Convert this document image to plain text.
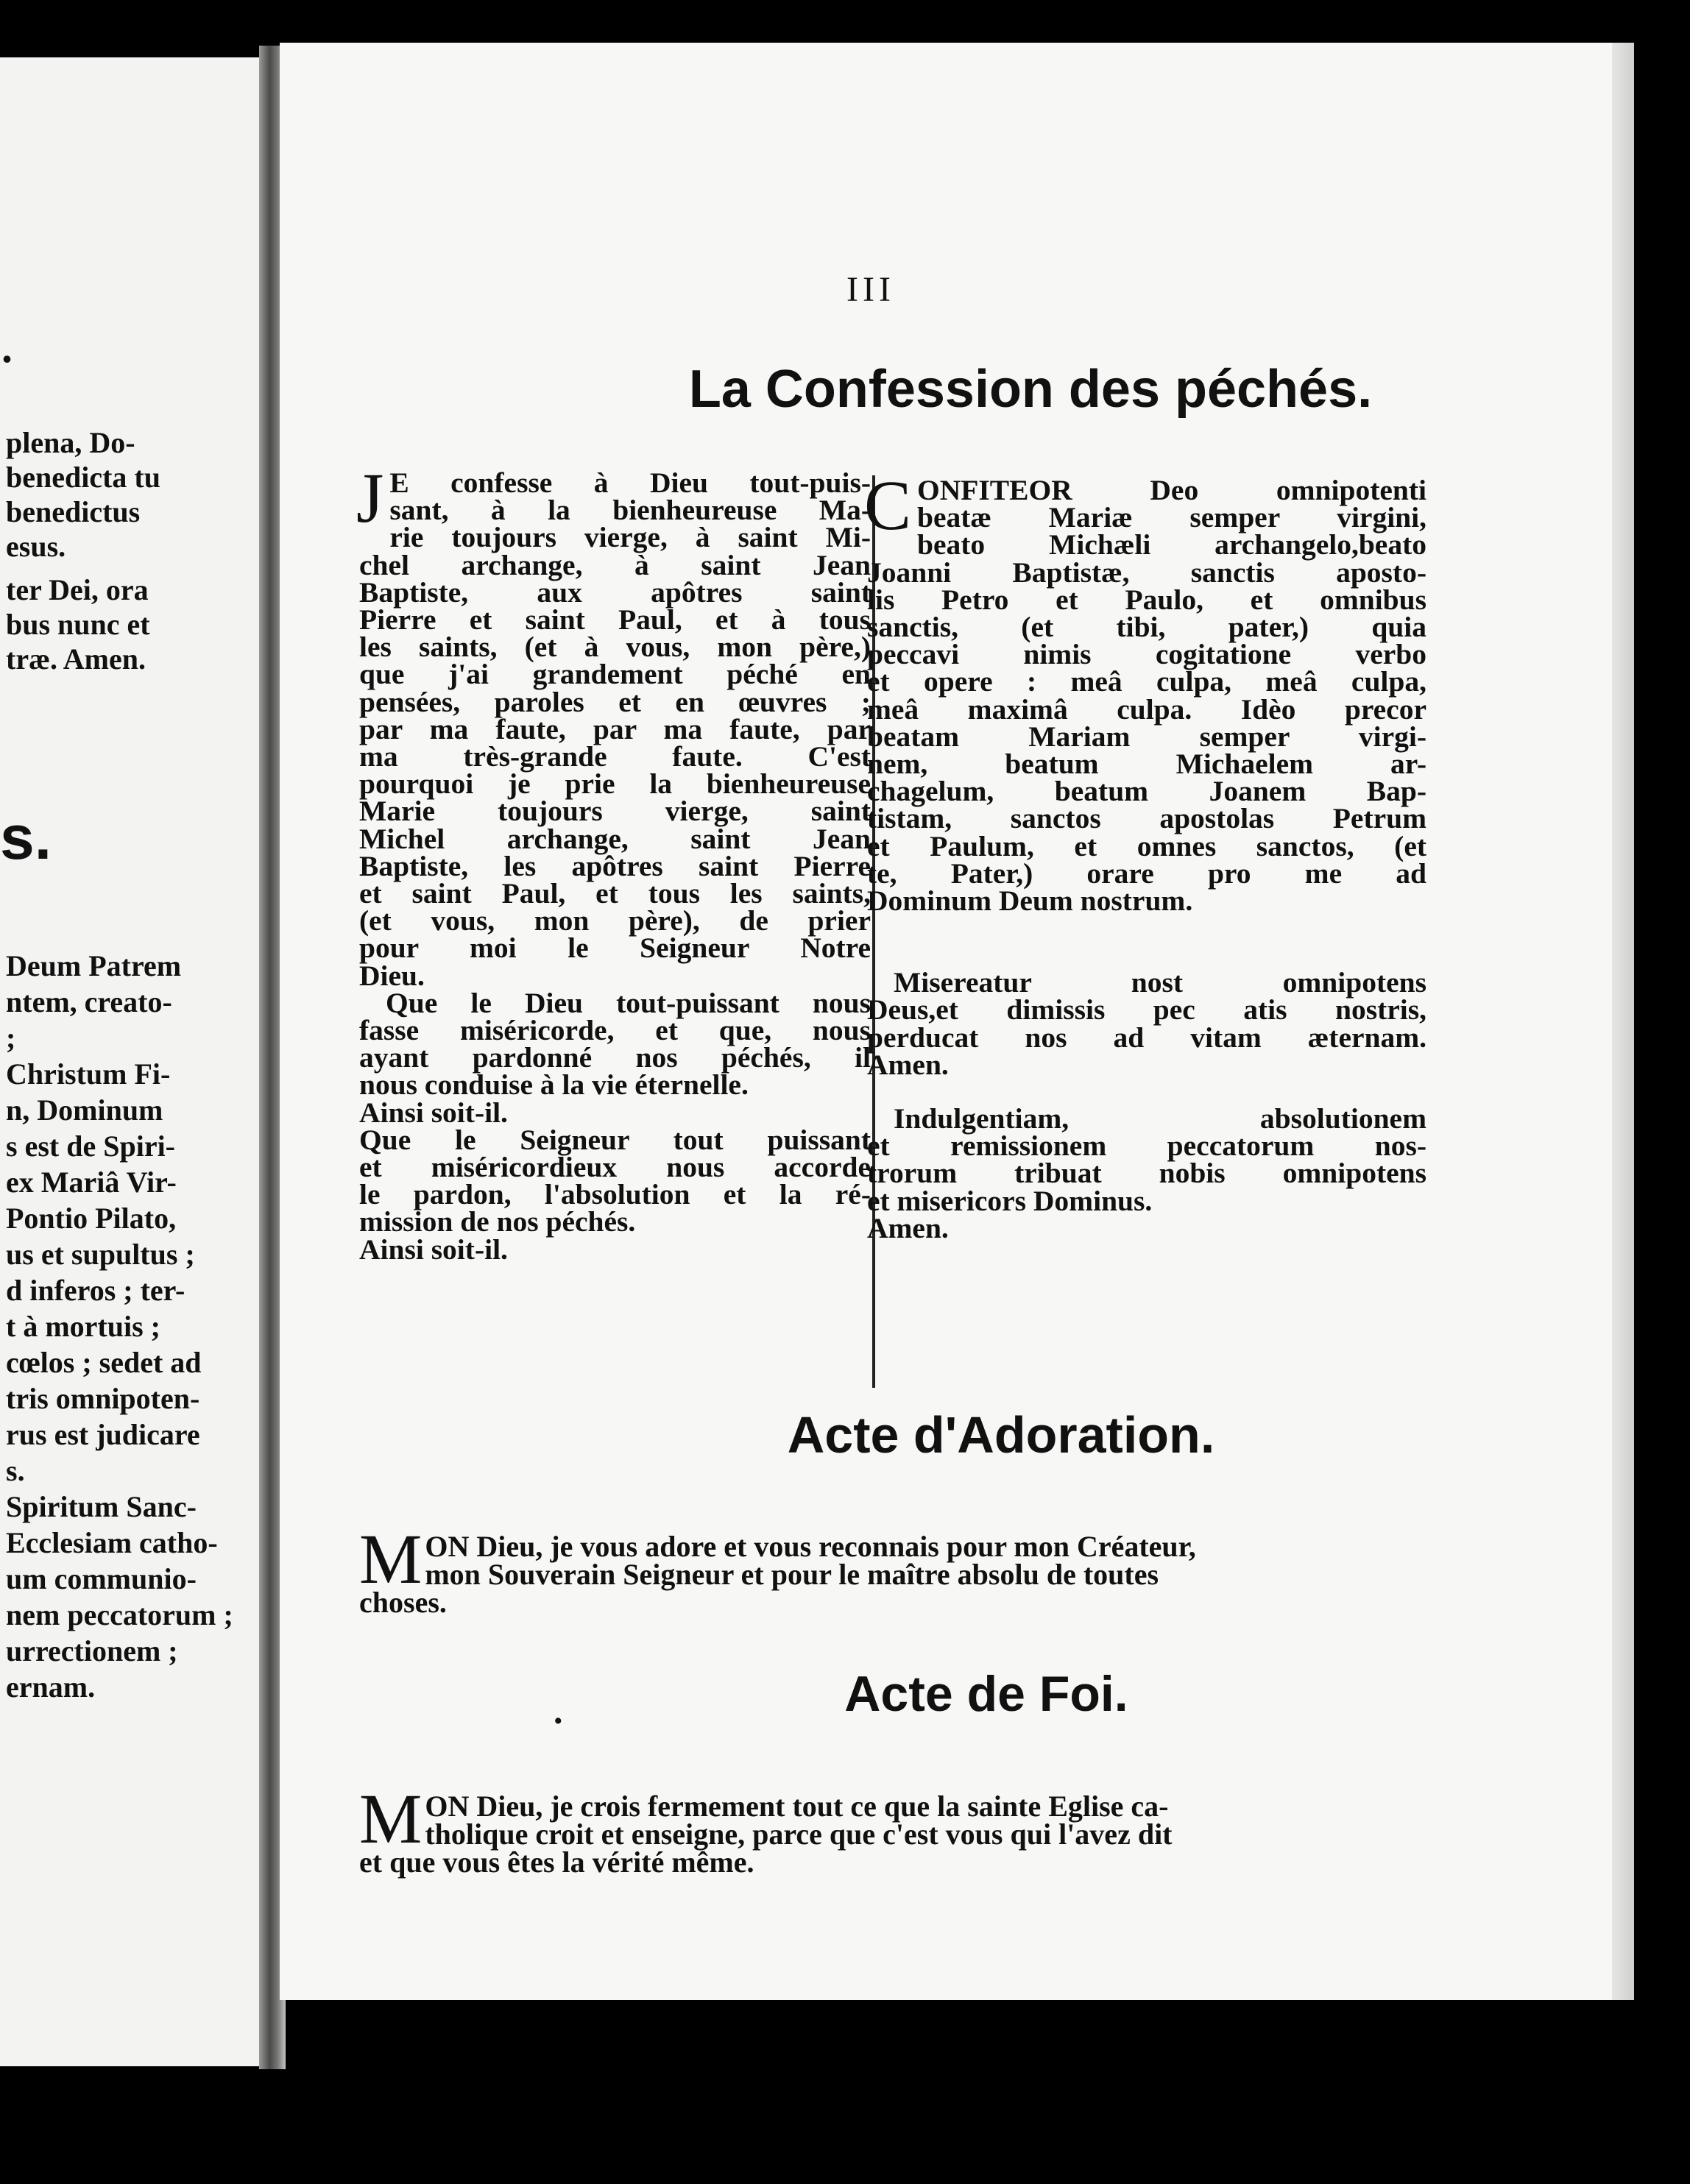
.
plena, Do-
benedicta tu
benedictus
esus.
ter Dei, ora
bus nunc et
træ. Amen.
s.
Deum Patrem
ntem, creato-
;
Christum Fi-
n, Dominum
s est de Spiri-
ex Mariâ Vir-
Pontio Pilato,
us et supultus ;
d inferos ; ter-
t à mortuis ;
cœlos ; sedet ad
tris omnipoten-
rus est judicare
s.
Spiritum Sanc-
Ecclesiam catho-
um communio-
nem peccatorum ;
urrectionem ;
ernam.
III
La Confession des péchés.
J E confesse à Dieu tout-puis-
sant, à la bienheureuse Ma-
rie toujours vierge, à saint Mi-
chel archange, à saint Jean
Baptiste, aux apôtres saint
Pierre et saint Paul, et à tous
les saints, (et à vous, mon père,)
que j'ai grandement péché en
pensées, paroles et en œuvres ;
par ma faute, par ma faute, par
ma très-grande faute. C'est
pourquoi je prie la bienheureuse
Marie toujours vierge, saint
Michel archange, saint Jean
Baptiste, les apôtres saint Pierre
et saint Paul, et tous les saints,
(et vous, mon père), de prier
pour moi le Seigneur Notre
Dieu.
Que le Dieu tout-puissant nous
fasse miséricorde, et que, nous
ayant pardonné nos péchés, il
nous conduise à la vie éternelle.
Ainsi soit-il.
Que le Seigneur tout puissant
et miséricordieux nous accorde
le pardon, l'absolution et la ré-
mission de nos péchés.
Ainsi soit-il.
C ONFITEOR Deo omnipotenti
beatæ Mariæ semper virgini,
beato Michæli archangelo,beato
Joanni Baptistæ, sanctis aposto-
lis Petro et Paulo, et omnibus
sanctis, (et tibi, pater,) quia
peccavi nimis cogitatione verbo
et opere : meâ culpa, meâ culpa,
meâ maximâ culpa. Idèo precor
beatam Mariam semper virgi-
nem, beatum Michaelem ar-
chagelum, beatum Joanem Bap-
tistam, sanctos apostolas Petrum
et Paulum, et omnes sanctos, (et
te, Pater,) orare pro me ad
Dominum Deum nostrum.
Misereatur nost omnipotens
Deus,et dimissis pec atis nostris,
perducat nos ad vitam æternam.
Amen.
Indulgentiam, absolutionem
et remissionem peccatorum nos-
trorum tribuat nobis omnipotens
et misericors Dominus.
Amen.
Acte d'Adoration.
M ON Dieu, je vous adore et vous reconnais pour mon Créateur,
mon Souverain Seigneur et pour le maître absolu de toutes
choses.
.	Acte de Foi.
M ON Dieu, je crois fermement tout ce que la sainte Eglise ca-
tholique croit et enseigne, parce que c'est vous qui l'avez dit
et que vous êtes la vérité même.
